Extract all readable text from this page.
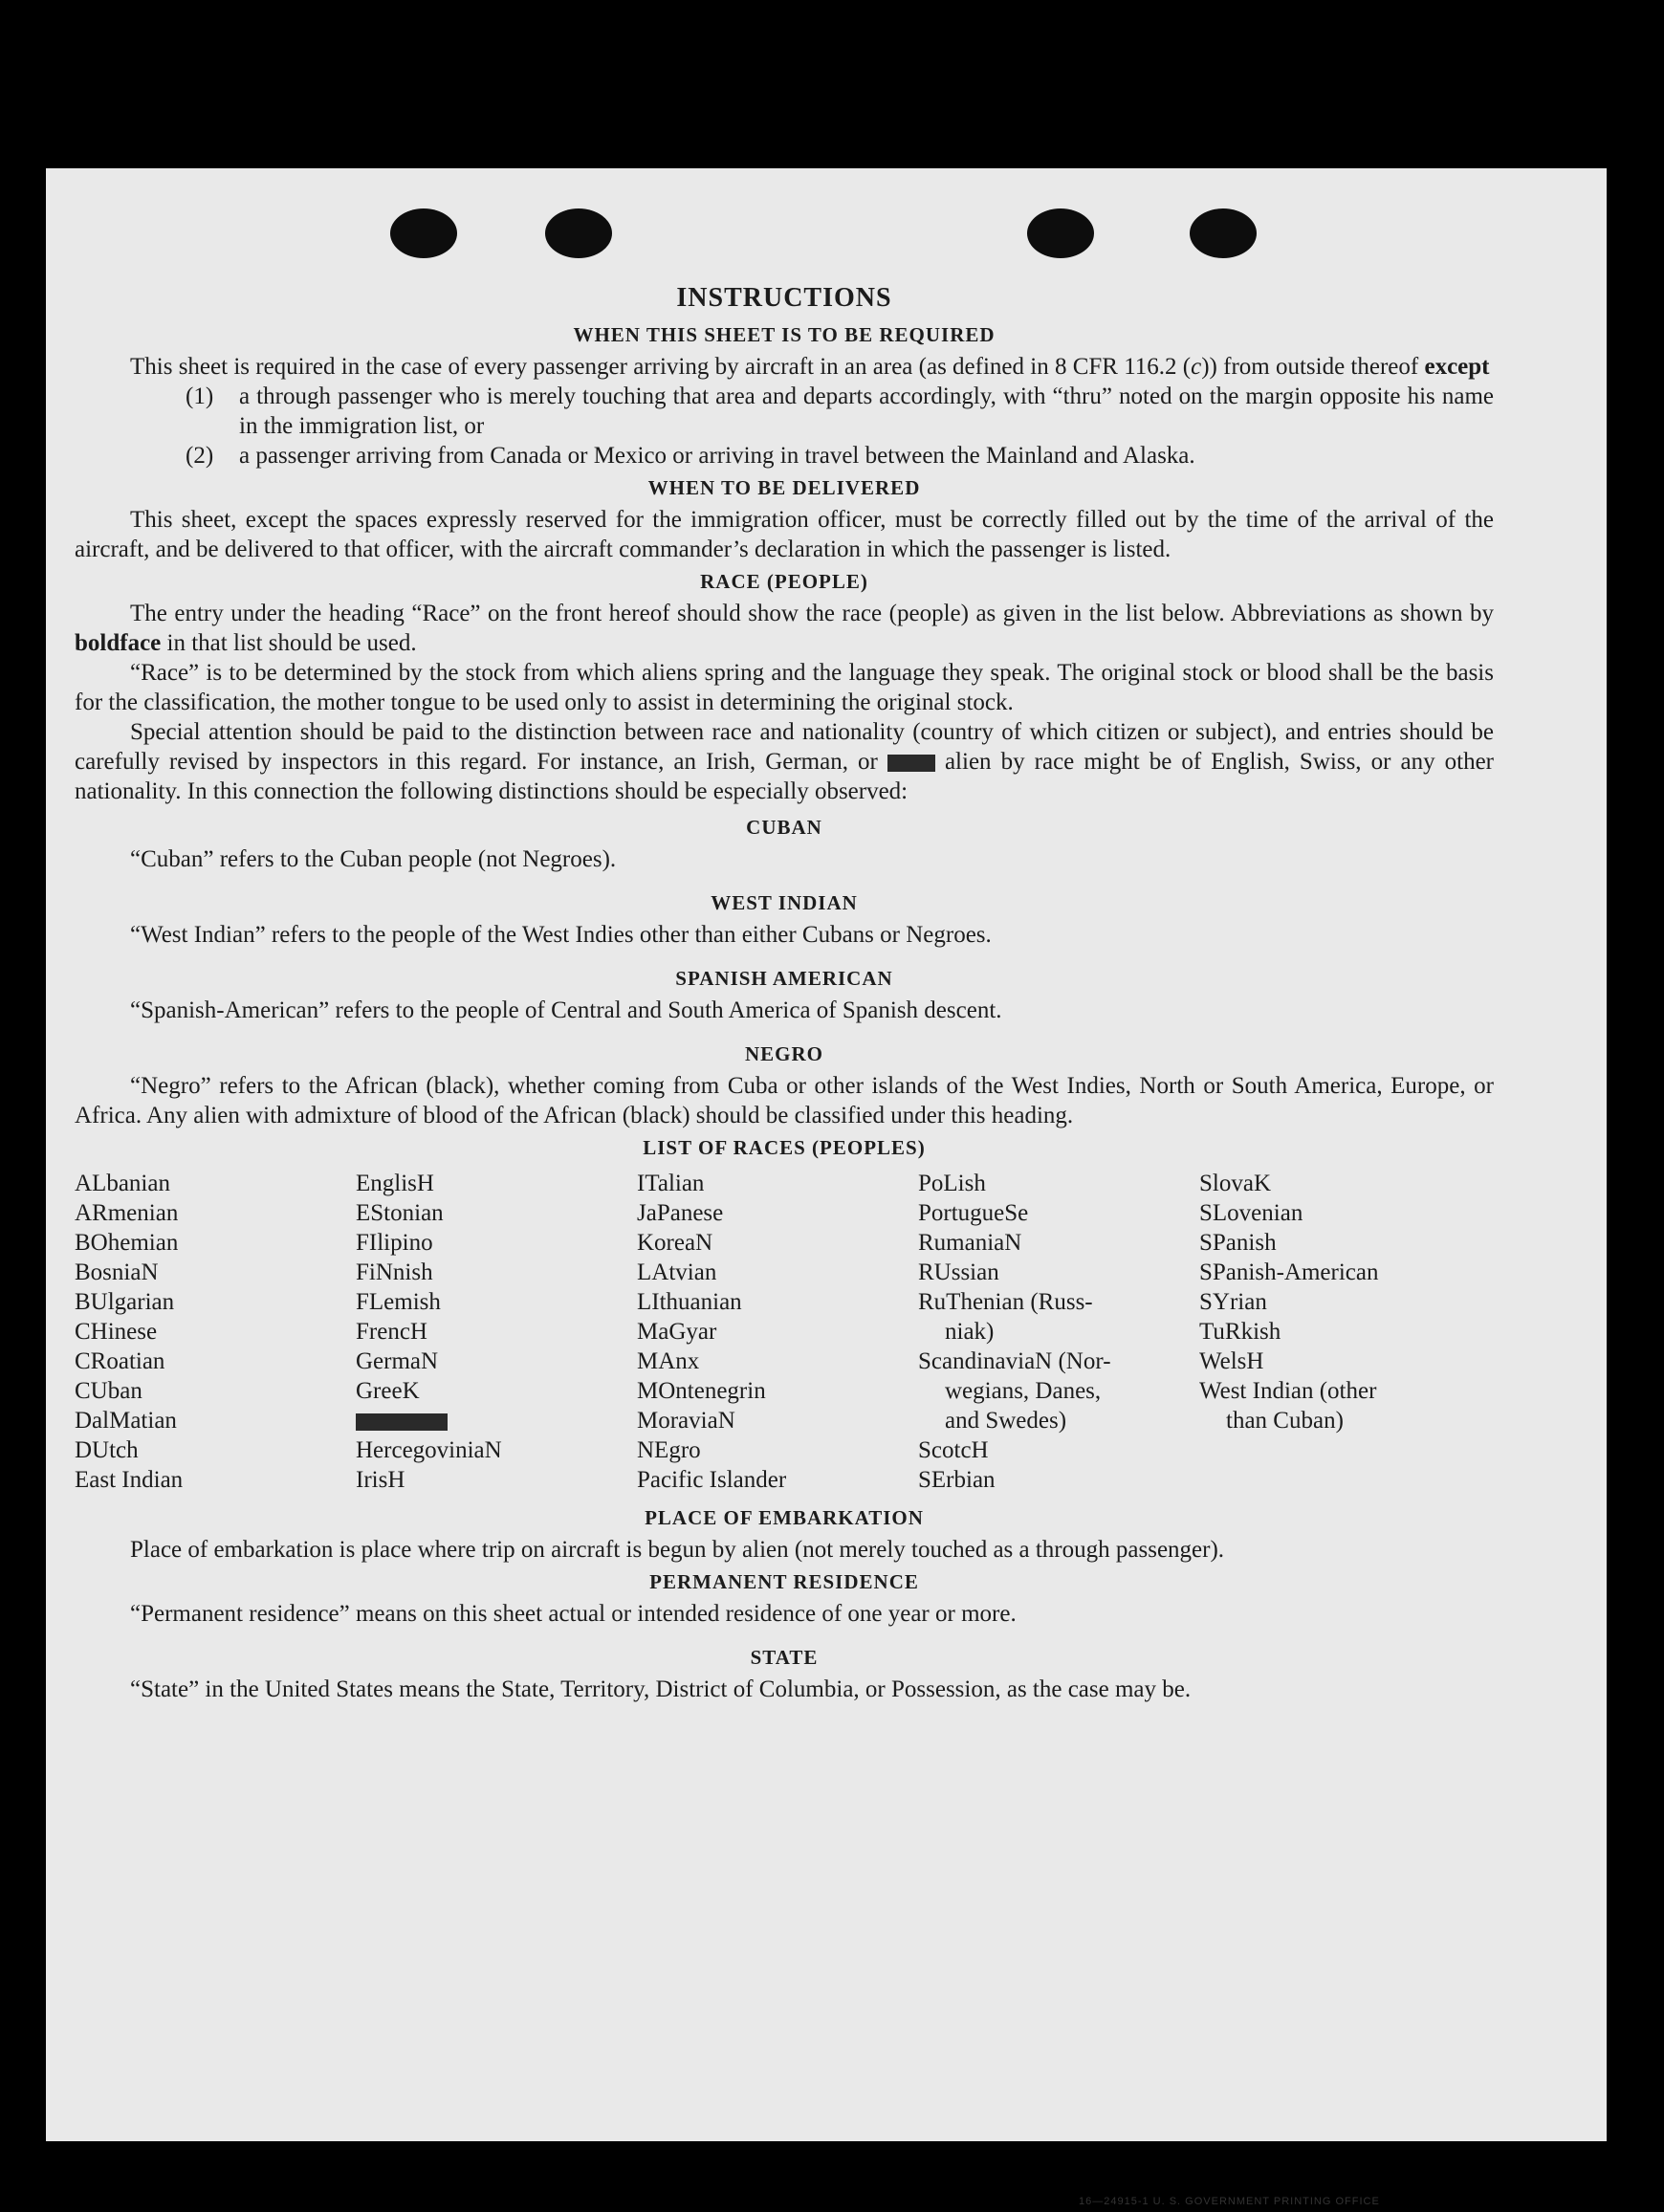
INSTRUCTIONS
WHEN THIS SHEET IS TO BE REQUIRED

This sheet is required in the case of every passenger arriving by aircraft in an area (as defined in 8 CFR 116.2 (c)) from outside thereof except

(1)	a through passenger who is merely touching that area and departs accordingly, with “thru” noted on the margin opposite his name in the immigration list, or
(2)	a passenger arriving from Canada or Mexico or arriving in travel between the Mainland and Alaska.
WHEN TO BE DELIVERED

This sheet, except the spaces expressly reserved for the immigration officer, must be correctly filled out by the time of the arrival of the aircraft, and be delivered to that officer, with the aircraft commander’s declaration in which the passenger is listed.

RACE (PEOPLE)

The entry under the heading “Race” on the front hereof should show the race (people) as given in the list below. Abbreviations as shown by boldface in that list should be used.

“Race” is to be determined by the stock from which aliens spring and the language they speak. The original stock or blood shall be the basis for the classification, the mother tongue to be used only to assist in determining the original stock.

Special attention should be paid to the distinction between race and nationality (country of which citizen or subject), and entries should be carefully revised by inspectors in this regard. For instance, an Irish, German, or  alien by race might be of English, Swiss, or any other nationality. In this connection the following distinctions should be especially observed:

CUBAN

“Cuban” refers to the Cuban people (not Negroes).

WEST INDIAN

“West Indian” refers to the people of the West Indies other than either Cubans or Negroes.

SPANISH AMERICAN

“Spanish-American” refers to the people of Central and South America of Spanish descent.

NEGRO

“Negro” refers to the African (black), whether coming from Cuba or other islands of the West Indies, North or South America, Europe, or Africa. Any alien with admixture of blood of the African (black) should be classified under this heading.

LIST OF RACES (PEOPLES)
ALbanian
ARmenian
BOhemian
BosniaN
BUlgarian
CHinese
CRoatian
CUban
DalMatian
DUtch
East Indian
EnglisH
EStonian
FIlipino
FiNnish
FLemish
FrencH
GermaN
GreeK
HercegoviniaN
IrisH
ITalian
JaPanese
KoreaN
LAtvian
LIthuanian
MaGyar
MAnx
MOntenegrin
MoraviaN
NEgro
Pacific Islander
PoLish
PortugueSe
RumaniaN
RUssian
RuThenian (Russ-
niak)
ScandinaviaN (Nor-
wegians, Danes,
and Swedes)
ScotcH
SErbian
SlovaK
SLovenian
SPanish
SPanish-American
SYrian
TuRkish
WelsH
West Indian (other
than Cuban)
PLACE OF EMBARKATION

Place of embarkation is place where trip on aircraft is begun by alien (not merely touched as a through passenger).

PERMANENT RESIDENCE

“Permanent residence” means on this sheet actual or intended residence of one year or more.

STATE

“State” in the United States means the State, Territory, District of Columbia, or Possession, as the case may be.

16—24915-1 U. S. GOVERNMENT PRINTING OFFICE
